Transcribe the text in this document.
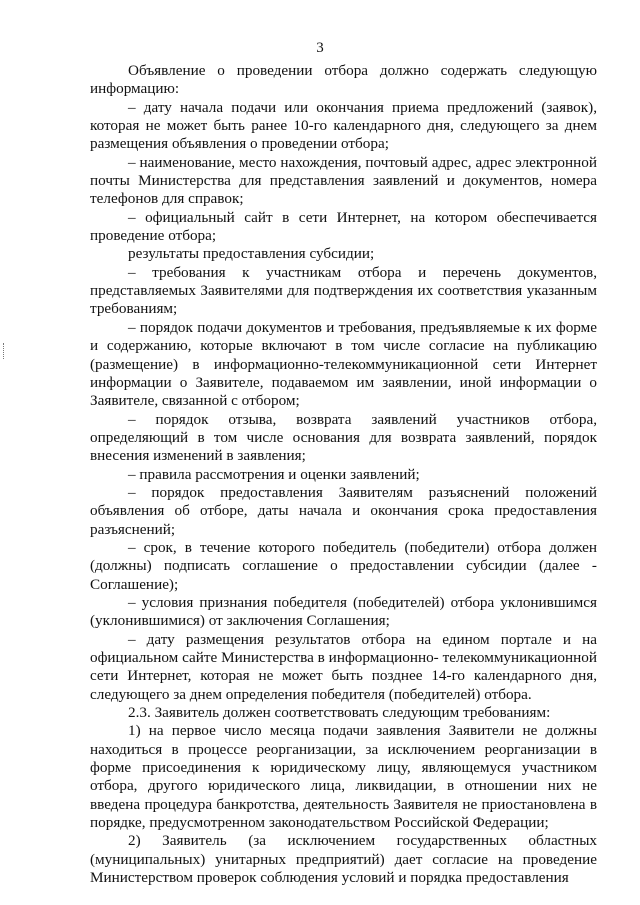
3

Объявление о проведении отбора должно содержать следующую информацию:

– дату начала подачи или окончания приема предложений (заявок), которая не может быть ранее 10-го календарного дня, следующего за днем размещения объявления о проведении отбора;

– наименование, место нахождения, почтовый адрес, адрес электронной почты Министерства для представления заявлений и документов, номера телефонов для справок;

– официальный сайт в сети Интернет, на котором обеспечивается проведение отбора;

результаты предоставления субсидии;

– требования к участникам отбора и перечень документов, представляемых Заявителями для подтверждения их соответствия указанным требованиям;

– порядок подачи документов и требования, предъявляемые к их форме и содержанию, которые включают в том числе согласие на публикацию (размещение) в информационно-телекоммуникационной сети Интернет информации о Заявителе, подаваемом им заявлении, иной информации о Заявителе, связанной с отбором;

– порядок отзыва, возврата заявлений участников отбора, определяющий в том числе основания для возврата заявлений, порядок внесения изменений в заявления;

– правила рассмотрения и оценки заявлений;

– порядок предоставления Заявителям разъяснений положений объявления об отборе, даты начала и окончания срока предоставления разъяснений;

– срок, в течение которого победитель (победители) отбора должен (должны) подписать соглашение о предоставлении субсидии (далее - Соглашение);

– условия признания победителя (победителей) отбора уклонившимся (уклонившимися) от заключения Соглашения;

– дату размещения результатов отбора на едином портале и на официальном сайте Министерства в информационно- телекоммуникационной сети Интернет, которая не может быть позднее 14-го календарного дня, следующего за днем определения победителя (победителей) отбора.

2.3. Заявитель должен соответствовать следующим требованиям:

1) на первое число месяца подачи заявления Заявители не должны находиться в процессе реорганизации, за исключением реорганизации в форме присоединения к юридическому лицу, являющемуся участником отбора, другого юридического лица, ликвидации, в отношении них не введена процедура банкротства, деятельность Заявителя не приостановлена в порядке, предусмотренном законодательством Российской Федерации;

2) Заявитель (за исключением государственных областных (муниципальных) унитарных предприятий) дает согласие на проведение Министерством проверок соблюдения условий и порядка предоставления
